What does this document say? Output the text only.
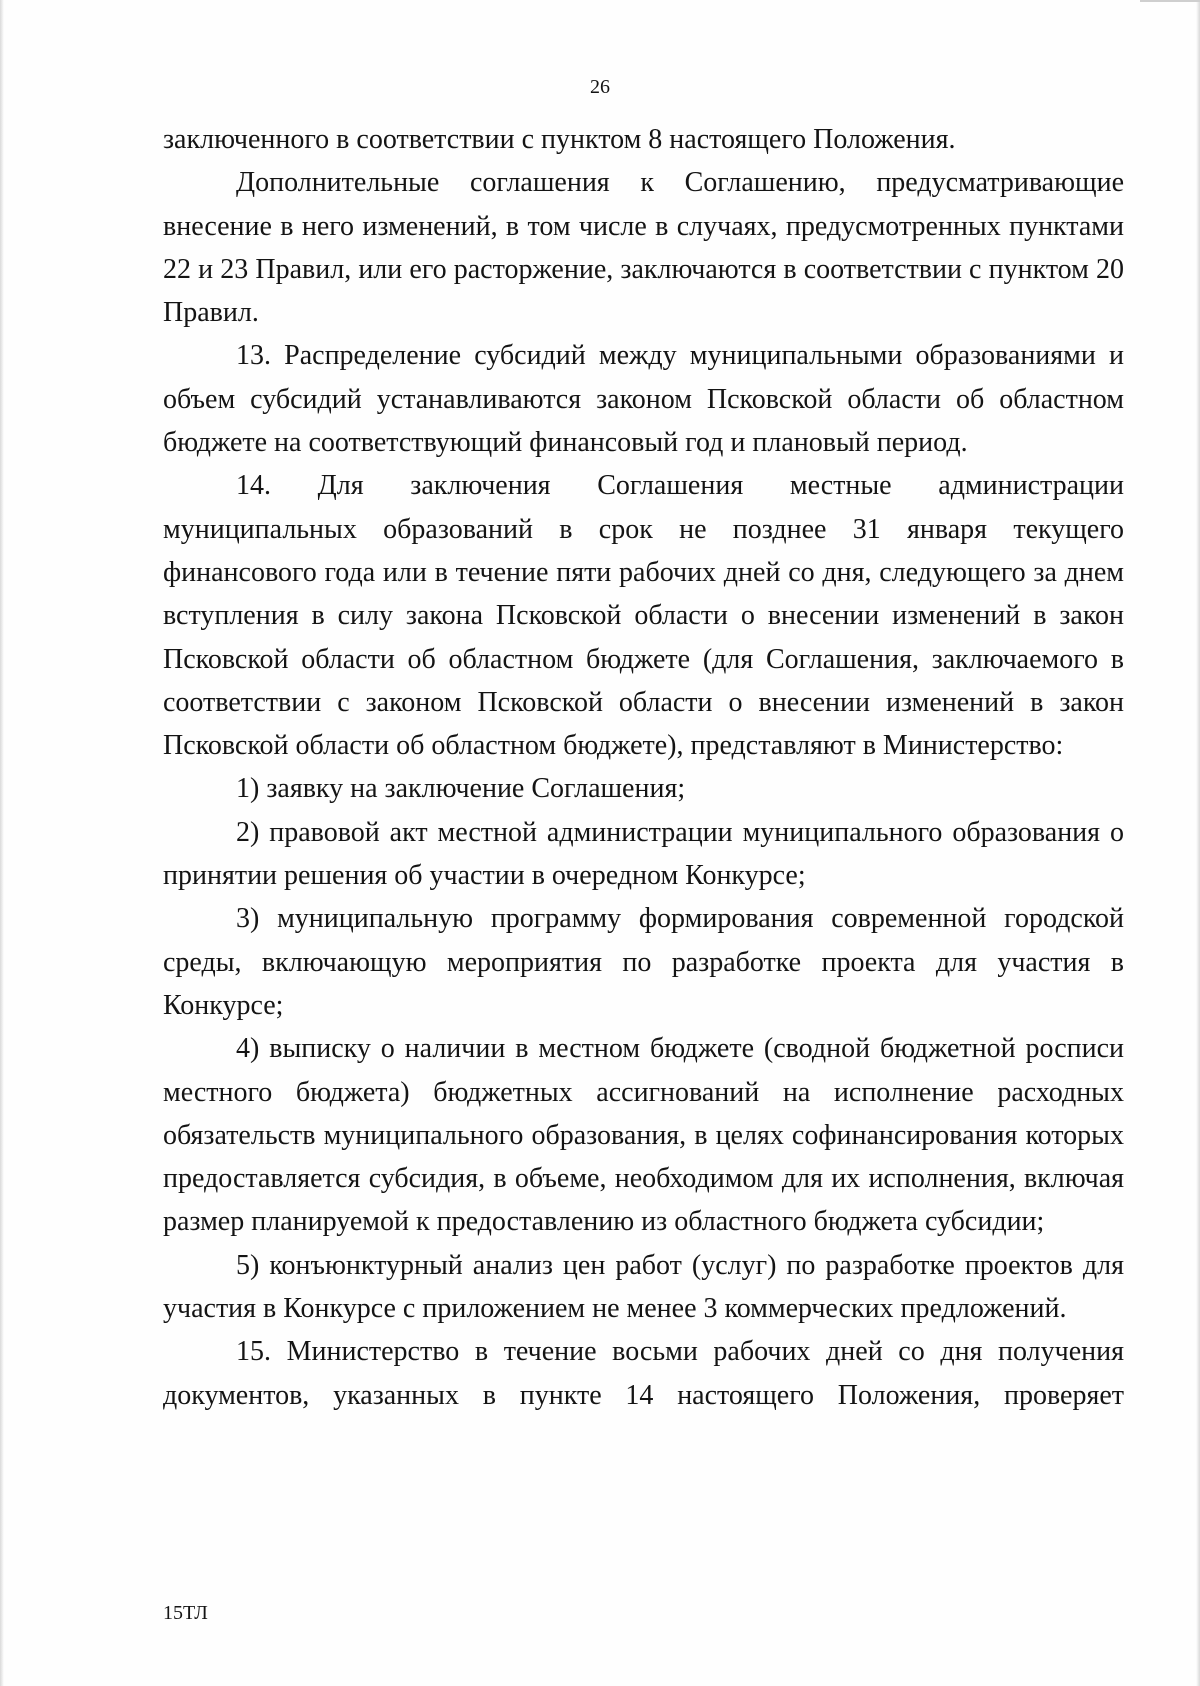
26

заключенного в соответствии с пунктом 8 настоящего Положения.

Дополнительные соглашения к Соглашению, предусматривающие внесение в него изменений, в том числе в случаях, предусмотренных пунктами 22 и 23 Правил, или его расторжение, заключаются в соответствии с пунктом 20 Правил.

13. Распределение субсидий между муниципальными образованиями и объем субсидий устанавливаются законом Псковской области об областном бюджете на соответствующий финансовый год и плановый период.

14. Для заключения Соглашения местные администрации муниципальных образований в срок не позднее 31 января текущего финансового года или в течение пяти рабочих дней со дня, следующего за днем вступления в силу закона Псковской области о внесении изменений в закон Псковской области об областном бюджете (для Соглашения, заключаемого в соответствии с законом Псковской области о внесении изменений в закон Псковской области об областном бюджете), представляют в Министерство:

1) заявку на заключение Соглашения;

2) правовой акт местной администрации муниципального образования о принятии решения об участии в очередном Конкурсе;

3) муниципальную программу формирования современной городской среды, включающую мероприятия по разработке проекта для участия в Конкурсе;

4) выписку о наличии в местном бюджете (сводной бюджетной росписи местного бюджета) бюджетных ассигнований на исполнение расходных обязательств муниципального образования, в целях софинансирования которых предоставляется субсидия, в объеме, необходимом для их исполнения, включая размер планируемой к предоставлению из областного бюджета субсидии;

5) конъюнктурный анализ цен работ (услуг) по разработке проектов для участия в Конкурсе с приложением не менее 3 коммерческих предложений.

15. Министерство в течение восьми рабочих дней со дня получения документов, указанных в пункте 14 настоящего Положения, проверяет

15ТЛ
